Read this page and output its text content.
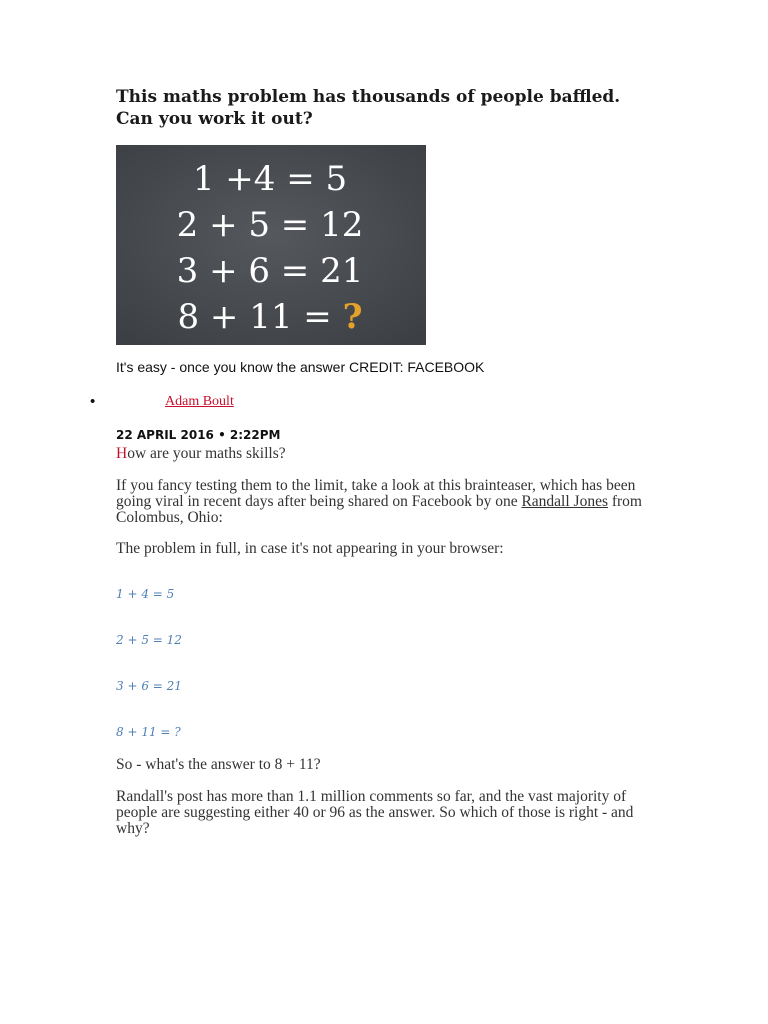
This maths problem has thousands of people baffled. Can you work it out?
1 +4 = 5
2 + 5 = 12
3 + 6 = 21
8 + 11 = ?
It's easy - once you know the answer CREDIT: FACEBOOK
•	Adam Boult
22 APRIL 2016 • 2:22PM

How are your maths skills?

If you fancy testing them to the limit, take a look at this brainteaser, which has been going viral in recent days after being shared on Facebook by one Randall Jones from Colombus, Ohio:

The problem in full, in case it's not appearing in your browser:

1 + 4 = 5
2 + 5 = 12
3 + 6 = 21
8 + 11 = ?

So - what's the answer to 8 + 11?

Randall's post has more than 1.1 million comments so far, and the vast majority of people are suggesting either 40 or 96 as the answer. So which of those is right - and why?
